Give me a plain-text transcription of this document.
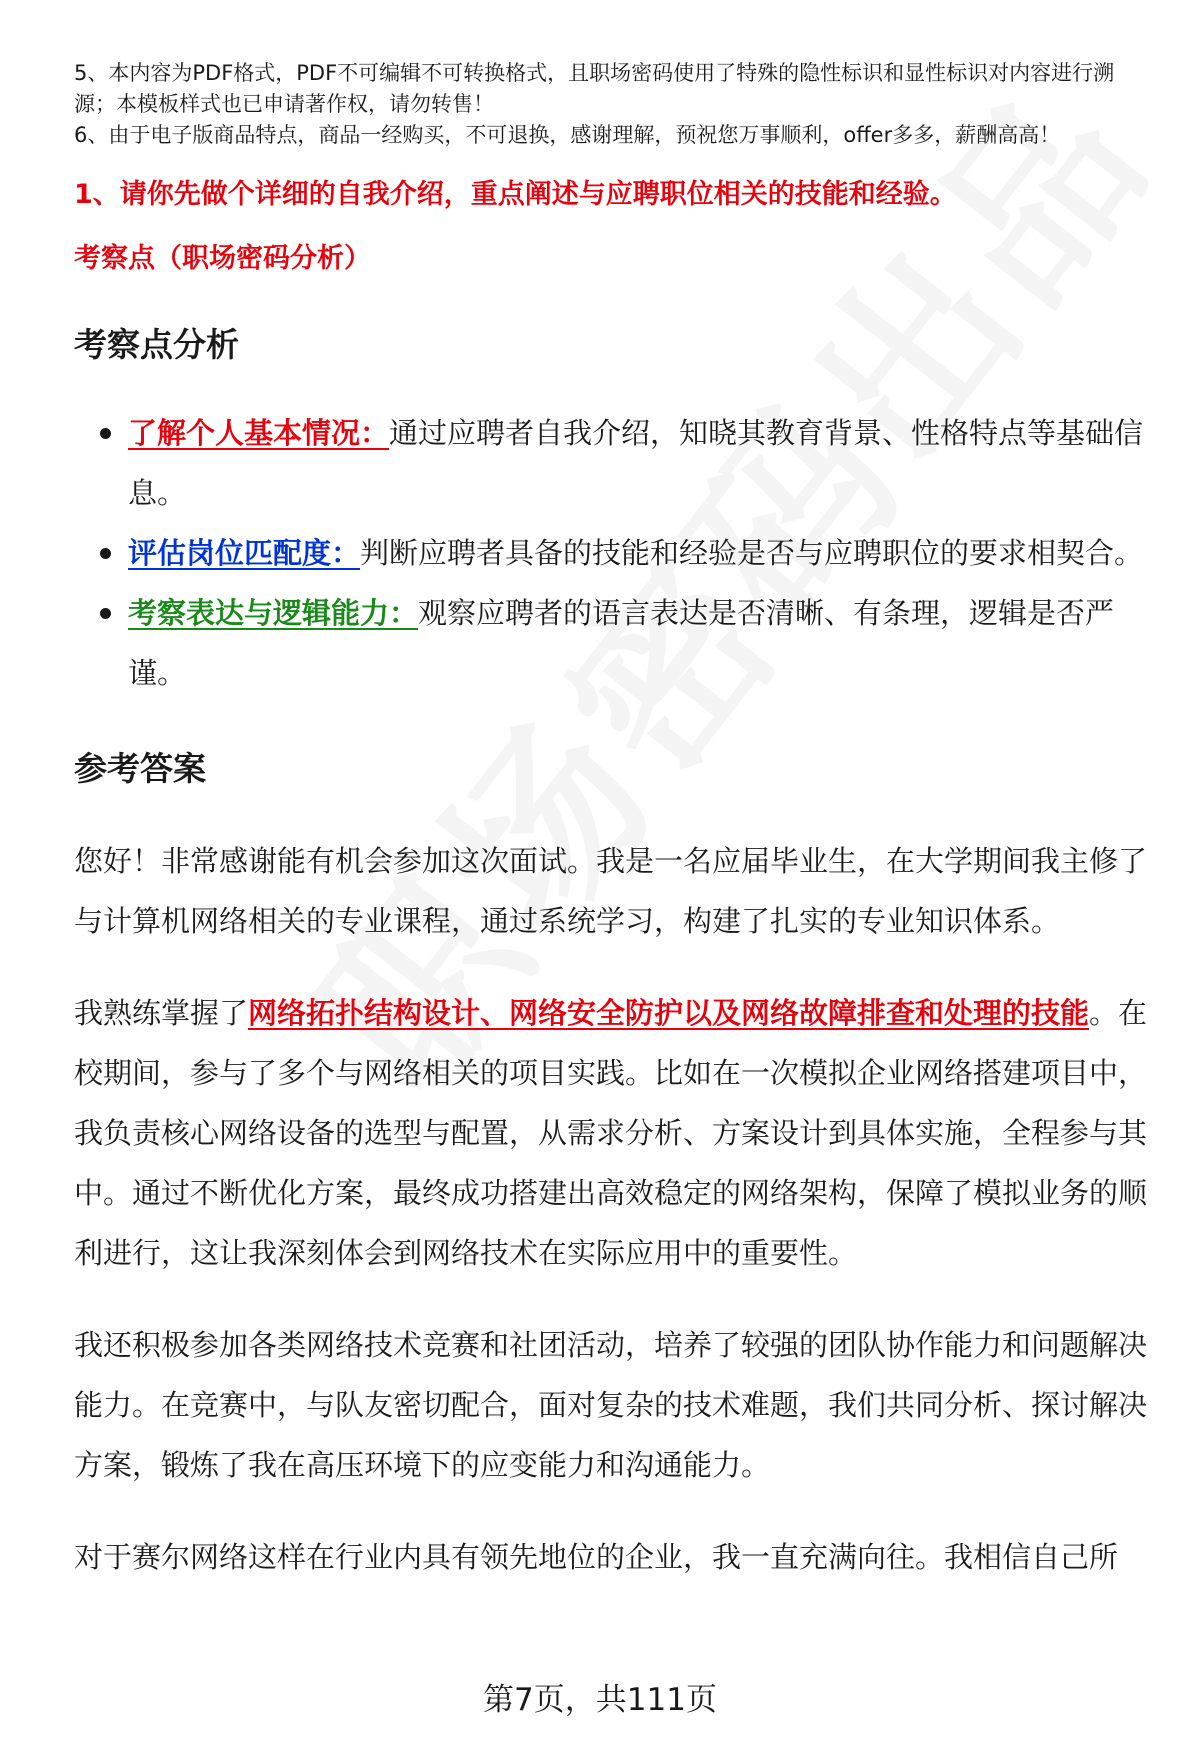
5、本内容为PDF格式，PDF不可编辑不可转换格式，且职场密码使用了特殊的隐性标识和显性标识对内容进行溯源；本模板样式也已申请著作权，请勿转售！

6、由于电子版商品特点，商品一经购买，不可退换，感谢理解，预祝您万事顺利，offer多多，薪酬高高！

1、请你先做个详细的自我介绍，重点阐述与应聘职位相关的技能和经验。

考察点（职场密码分析）

考察点分析
了解个人基本情况：通过应聘者自我介绍，知晓其教育背景、性格特点等基础信息。
评估岗位匹配度：判断应聘者具备的技能和经验是否与应聘职位的要求相契合。
考察表达与逻辑能力：观察应聘者的语言表达是否清晰、有条理，逻辑是否严谨。
参考答案

您好！非常感谢能有机会参加这次面试。我是一名应届毕业生，在大学期间我主修了与计算机网络相关的专业课程，通过系统学习，构建了扎实的专业知识体系。

我熟练掌握了网络拓扑结构设计、网络安全防护以及网络故障排查和处理的技能。在校期间，参与了多个与网络相关的项目实践。比如在一次模拟企业网络搭建项目中，我负责核心网络设备的选型与配置，从需求分析、方案设计到具体实施，全程参与其中。通过不断优化方案，最终成功搭建出高效稳定的网络架构，保障了模拟业务的顺利进行，这让我深刻体会到网络技术在实际应用中的重要性。

我还积极参加各类网络技术竞赛和社团活动，培养了较强的团队协作能力和问题解决能力。在竞赛中，与队友密切配合，面对复杂的技术难题，我们共同分析、探讨解决方案，锻炼了我在高压环境下的应变能力和沟通能力。

对于赛尔网络这样在行业内具有领先地位的企业，我一直充满向往。我相信自己所

第7页，共111页
